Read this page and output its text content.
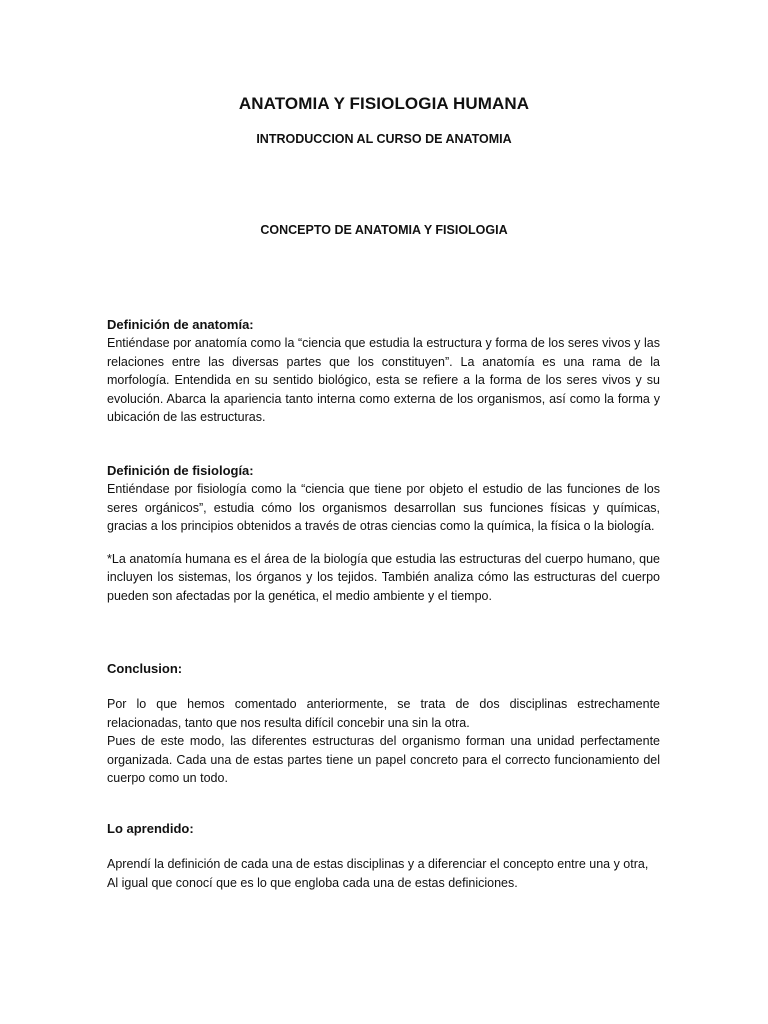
ANATOMIA Y FISIOLOGIA HUMANA
INTRODUCCION AL CURSO DE ANATOMIA
CONCEPTO DE ANATOMIA Y FISIOLOGIA
Definición de anatomía:

Entiéndase por anatomía como la “ciencia que estudia la estructura y forma de los seres vivos y las relaciones entre las diversas partes que los constituyen”. La anatomía es una rama de la morfología. Entendida en su sentido biológico, esta se refiere a la forma de los seres vivos y su evolución. Abarca la apariencia tanto interna como externa de los organismos, así como la forma y ubicación de las estructuras.

Definición de fisiología:

Entiéndase por fisiología como la “ciencia que tiene por objeto el estudio de las funciones de los seres orgánicos”, estudia cómo los organismos desarrollan sus funciones físicas y químicas, gracias a los principios obtenidos a través de otras ciencias como la química, la física o la biología.

*La anatomía humana es el área de la biología que estudia las estructuras del cuerpo humano, que incluyen los sistemas, los órganos y los tejidos. También analiza cómo las estructuras del cuerpo pueden son afectadas por la genética, el medio ambiente y el tiempo.

Conclusion:

Por lo que hemos comentado anteriormente, se trata de dos disciplinas estrechamente relacionadas, tanto que nos resulta difícil concebir una sin la otra.

Pues de este modo, las diferentes estructuras del organismo forman una unidad perfectamente organizada. Cada una de estas partes tiene un papel concreto para el correcto funcionamiento del cuerpo como un todo.

Lo aprendido:

Aprendí la definición de cada una de estas disciplinas y a diferenciar el concepto entre una y otra, Al igual que conocí que es lo que engloba cada una de estas definiciones.
